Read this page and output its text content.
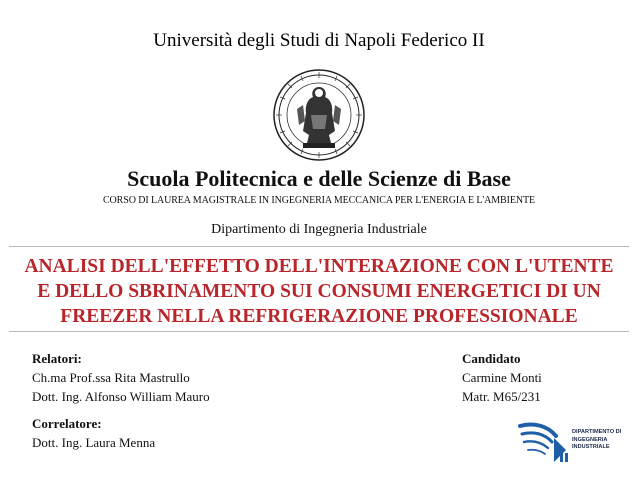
Università degli Studi di Napoli Federico II
Scuola Politecnica e delle Scienze di Base
CORSO DI LAUREA MAGISTRALE IN INGEGNERIA MECCANICA PER L'ENERGIA E L'AMBIENTE
Dipartimento di Ingegneria Industriale
ANALISI DELL'EFFETTO DELL'INTERAZIONE CON L'UTENTE
E DELLO SBRINAMENTO SUI CONSUMI ENERGETICI DI UN
FREEZER NELLA REFRIGERAZIONE PROFESSIONALE
Relatori:
Ch.ma Prof.ssa Rita Mastrullo
Dott. Ing. Alfonso William Mauro
Correlatore:
Dott. Ing. Laura Menna
Candidato
Carmine Monti
Matr. M65/231
DIPARTIMENTO DI
INGEGNERIA
INDUSTRIALE
